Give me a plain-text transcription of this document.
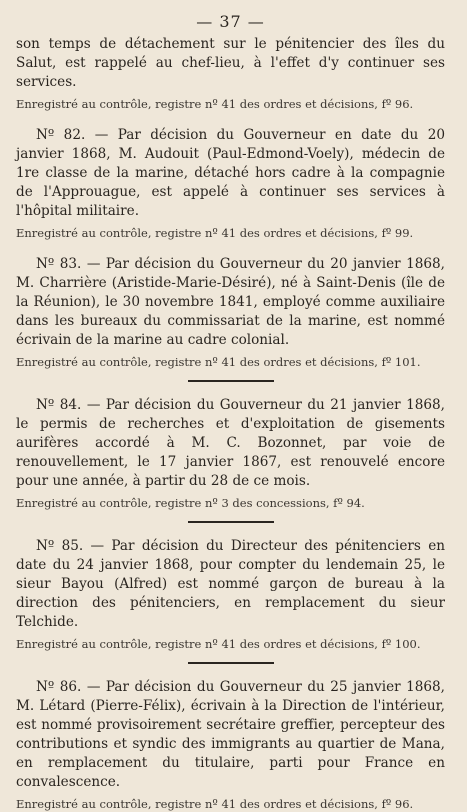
— 37 —

son temps de détachement sur le pénitencier des îles du Salut, est rappelé au chef-lieu, à l'effet d'y continuer ses services.

Enregistré au contrôle, registre nº 41 des ordres et décisions, fº 96.

Nº 82. — Par décision du Gouverneur en date du 20 janvier 1868, M. Audouit (Paul-Edmond-Voely), médecin de 1re classe de la marine, détaché hors cadre à la compagnie de l'Approuague, est appelé à continuer ses services à l'hôpital militaire.

Enregistré au contrôle, registre nº 41 des ordres et décisions, fº 99.

Nº 83. — Par décision du Gouverneur du 20 janvier 1868, M. Charrière (Aristide-Marie-Désiré), né à Saint-Denis (île de la Réunion), le 30 novembre 1841, employé comme auxiliaire dans les bureaux du commissariat de la marine, est nommé écrivain de la marine au cadre colonial.

Enregistré au contrôle, registre nº 41 des ordres et décisions, fº 101.

Nº 84. — Par décision du Gouverneur du 21 janvier 1868, le permis de recherches et d'exploitation de gisements aurifères accordé à M. C. Bozonnet, par voie de renouvellement, le 17 janvier 1867, est renouvelé encore pour une année, à partir du 28 de ce mois.

Enregistré au contrôle, registre nº 3 des concessions, fº 94.

Nº 85. — Par décision du Directeur des pénitenciers en date du 24 janvier 1868, pour compter du lendemain 25, le sieur Bayou (Alfred) est nommé garçon de bureau à la direction des pénitenciers, en remplacement du sieur Telchide.

Enregistré au contrôle, registre nº 41 des ordres et décisions, fº 100.

Nº 86. — Par décision du Gouverneur du 25 janvier 1868, M. Létard (Pierre-Félix), écrivain à la Direction de l'intérieur, est nommé provisoirement secrétaire greffier, percepteur des contributions et syndic des immigrants au quartier de Mana, en remplacement du titulaire, parti pour France en convalescence.

Enregistré au contrôle, registre nº 41 des ordres et décisions, fº 96.
